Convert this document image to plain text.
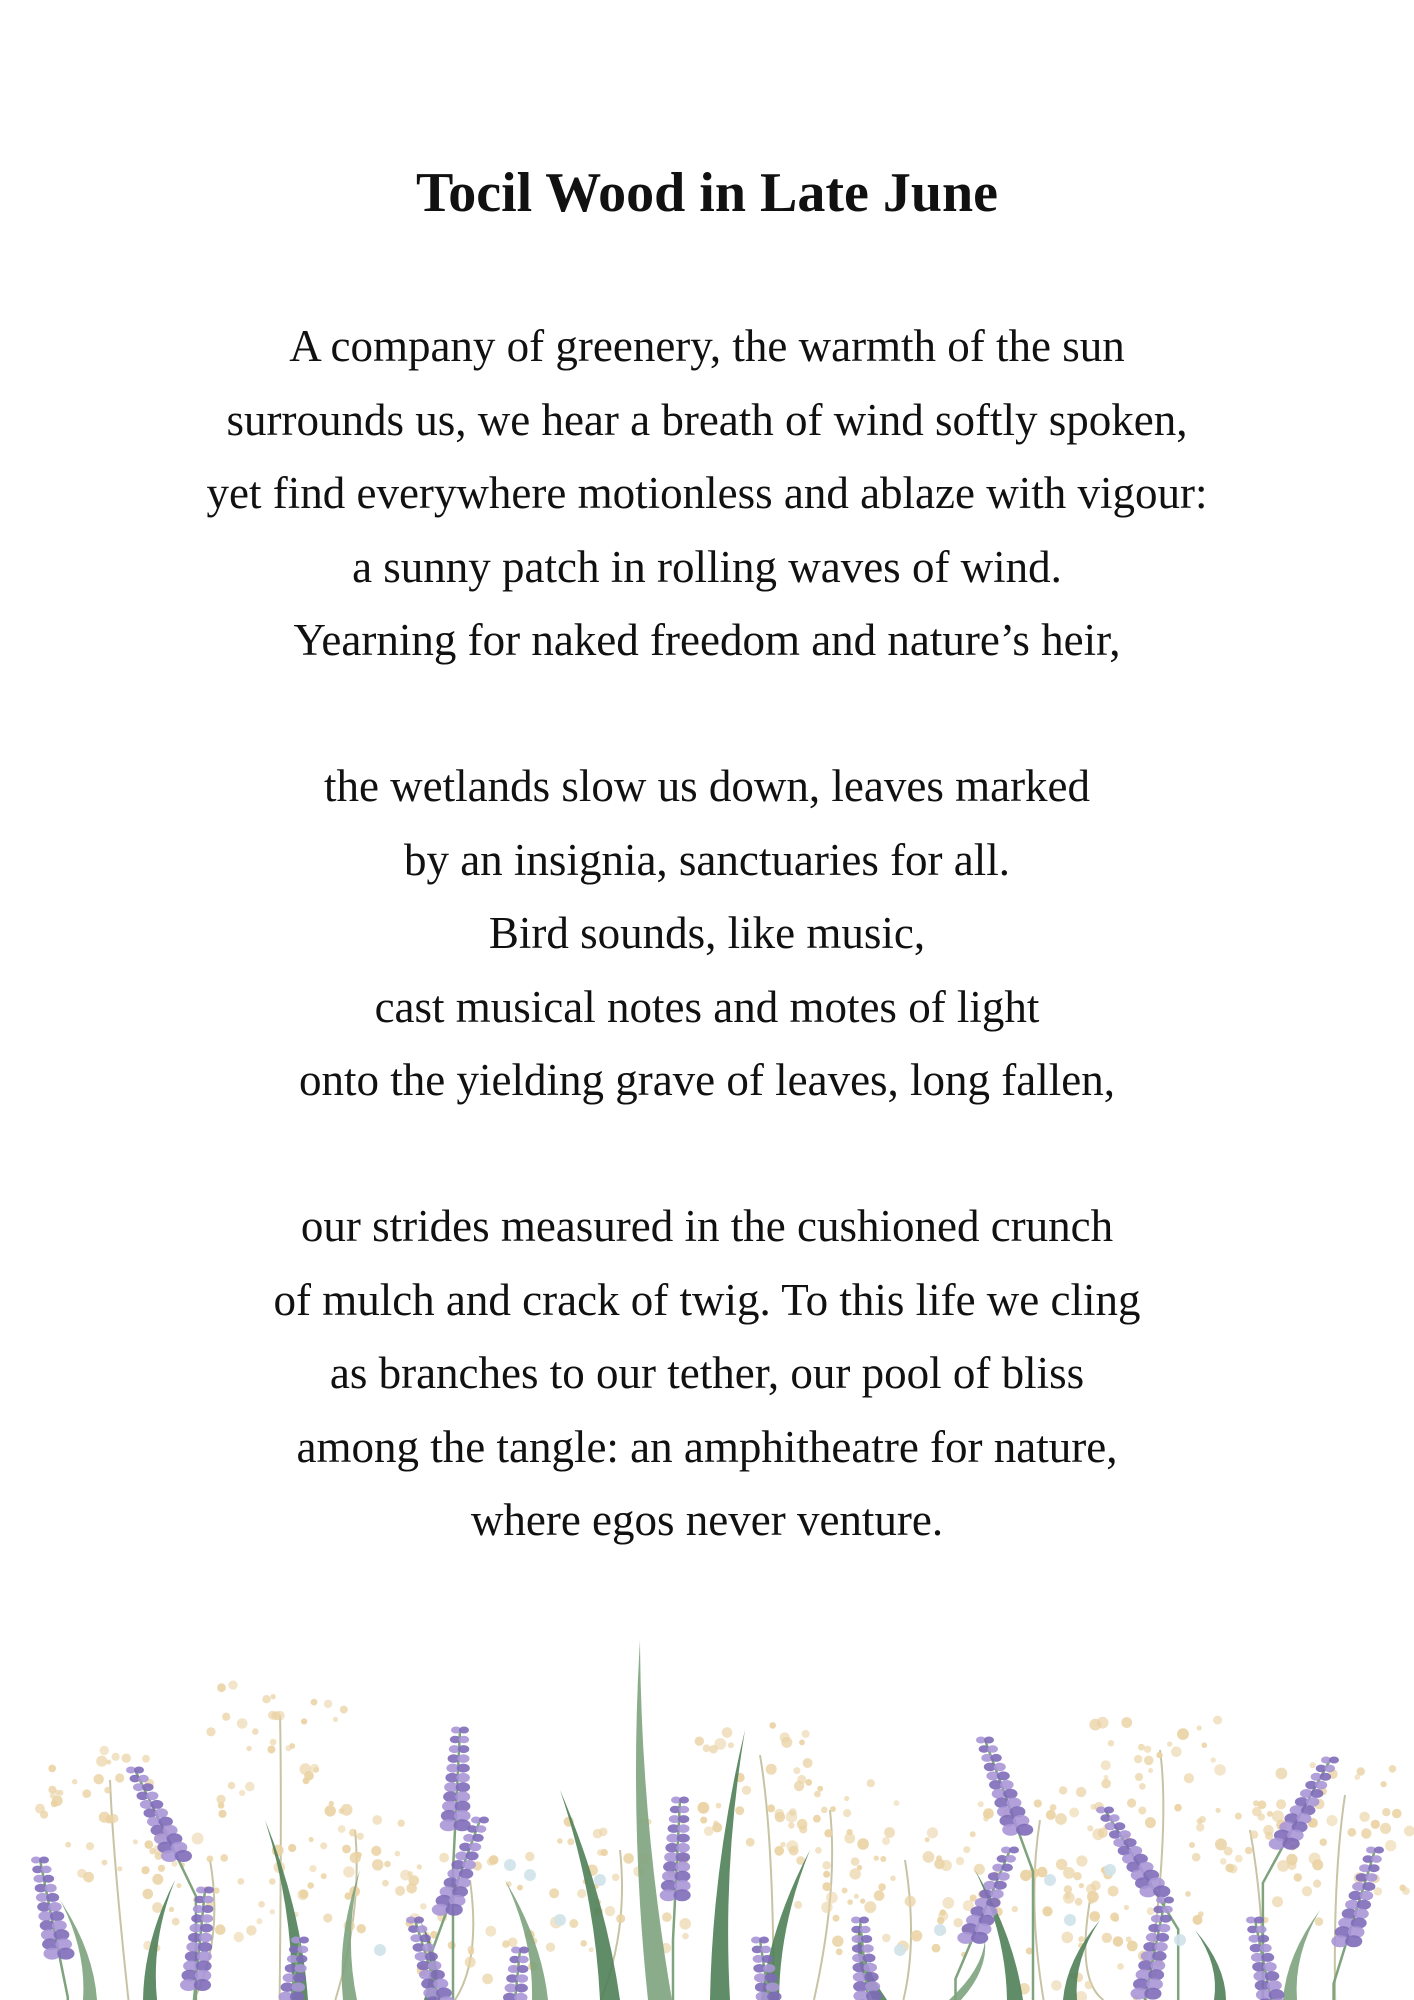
Tocil Wood in Late June
A company of greenery, the warmth of the sun
surrounds us, we hear a breath of wind softly spoken,
yet find everywhere motionless and ablaze with vigour:
a sunny patch in rolling waves of wind.
Yearning for naked freedom and nature’s heir,
the wetlands slow us down, leaves marked
by an insignia, sanctuaries for all.
Bird sounds, like music,
cast musical notes and motes of light
onto the yielding grave of leaves, long fallen,
our strides measured in the cushioned crunch
of mulch and crack of twig. To this life we cling
as branches to our tether, our pool of bliss
among the tangle: an amphitheatre for nature,
where egos never venture.
